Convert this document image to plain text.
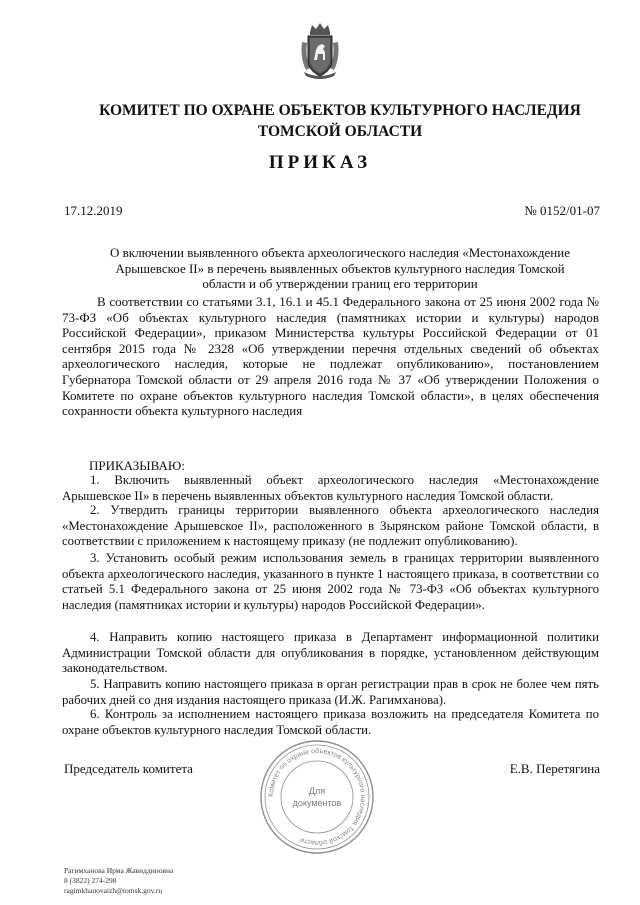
КОМИТЕТ ПО ОХРАНЕ ОБЪЕКТОВ КУЛЬТУРНОГО НАСЛЕДИЯ
ТОМСКОЙ ОБЛАСТИ
ПРИКАЗ
17.12.2019	№ 0152/01-07
О включении выявленного объекта археологического наследия «Местонахождение
Арышевское II» в перечень выявленных объектов культурного наследия Томской
области и об утверждении границ его территории
В соответствии со статьями 3.1, 16.1 и 45.1 Федерального закона от 25 июня 2002 года № 73-ФЗ «Об объектах культурного наследия (памятниках истории и культуры) народов Российской Федерации», приказом Министерства культуры Российской Федерации от 01 сентября 2015 года № 2328 «Об утверждении перечня отдельных сведений об объектах археологического наследия, которые не подлежат опубликованию», постановлением Губернатора Томской области от 29 апреля 2016 года № 37 «Об утверждении Положения о Комитете по охране объектов культурного наследия Томской области», в целях обеспечения сохранности объекта культурного наследия
ПРИКАЗЫВАЮ:
1. Включить выявленный объект археологического наследия «Местонахождение Арышевское II» в перечень выявленных объектов культурного наследия Томской области.
2. Утвердить границы территории выявленного объекта археологического наследия «Местонахождение Арышевское II», расположенного в Зырянском районе Томской области, в соответствии с приложением к настоящему приказу (не подлежит опубликованию).
3. Установить особый режим использования земель в границах территории выявленного объекта археологического наследия, указанного в пункте 1 настоящего приказа, в соответствии со статьей 5.1 Федерального закона от 25 июня 2002 года № 73-ФЗ «Об объектах культурного наследия (памятниках истории и культуры) народов Российской Федерации».
4. Направить копию настоящего приказа в Департамент информационной политики Администрации Томской области для опубликования в порядке, установленном действующим законодательством.
5. Направить копию настоящего приказа в орган регистрации прав в срок не более чем пять рабочих дней со дня издания настоящего приказа (И.Ж. Рагимханова).
6. Контроль за исполнением настоящего приказа возложить на председателя Комитета по охране объектов культурного наследия Томской области.
Председатель комитета	Е.В. Перетягина
Комитет по охране объектов культурного наследия Томской области
Для
документов
Рагимханова Ирма Жавиддиновна
8 (3822) 274-298
ragimkhanovaizh@tomsk.gov.ru
